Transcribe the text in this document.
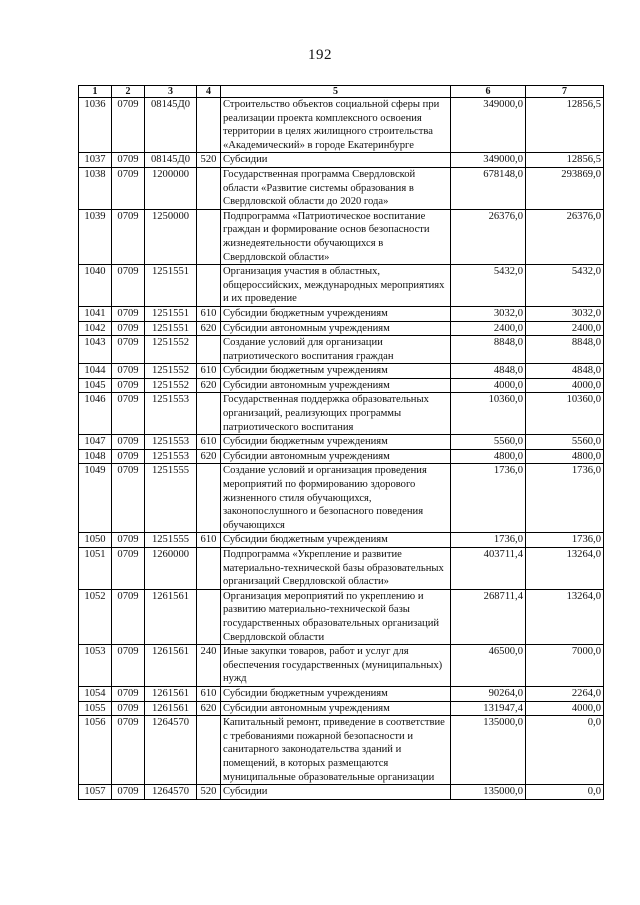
192
1	2	3	4	5	6	7
1036	0709	08145Д0		Строительство объектов социальной сферы при реализации проекта комплексного освоения территории в целях жилищного строительства «Академический» в городе Екатеринбурге	349000,0	12856,5
1037	0709	08145Д0	520	Субсидии	349000,0	12856,5
1038	0709	1200000		Государственная программа Свердловской области «Развитие системы образования в Свердловской области до 2020 года»	678148,0	293869,0
1039	0709	1250000		Подпрограмма «Патриотическое воспитание граждан и формирование основ безопасности жизнедеятельности обучающихся в Свердловской области»	26376,0	26376,0
1040	0709	1251551		Организация участия в областных, общероссийских, международных мероприятиях и их проведение	5432,0	5432,0
1041	0709	1251551	610	Субсидии бюджетным учреждениям	3032,0	3032,0
1042	0709	1251551	620	Субсидии автономным учреждениям	2400,0	2400,0
1043	0709	1251552		Создание условий для организации патриотического воспитания граждан	8848,0	8848,0
1044	0709	1251552	610	Субсидии бюджетным учреждениям	4848,0	4848,0
1045	0709	1251552	620	Субсидии автономным учреждениям	4000,0	4000,0
1046	0709	1251553		Государственная поддержка образовательных организаций, реализующих программы патриотического воспитания	10360,0	10360,0
1047	0709	1251553	610	Субсидии бюджетным учреждениям	5560,0	5560,0
1048	0709	1251553	620	Субсидии автономным учреждениям	4800,0	4800,0
1049	0709	1251555		Создание условий и организация проведения мероприятий по формированию здорового жизненного стиля обучающихся, законопослушного и безопасного поведения обучающихся	1736,0	1736,0
1050	0709	1251555	610	Субсидии бюджетным учреждениям	1736,0	1736,0
1051	0709	1260000		Подпрограмма «Укрепление и развитие материально-технической базы образовательных организаций Свердловской области»	403711,4	13264,0
1052	0709	1261561		Организация мероприятий по укреплению и развитию материально-технической базы государственных образовательных организаций Свердловской области	268711,4	13264,0
1053	0709	1261561	240	Иные закупки товаров, работ и услуг для обеспечения государственных (муниципальных) нужд	46500,0	7000,0
1054	0709	1261561	610	Субсидии бюджетным учреждениям	90264,0	2264,0
1055	0709	1261561	620	Субсидии автономным учреждениям	131947,4	4000,0
1056	0709	1264570		Капитальный ремонт, приведение в соответствие с требованиями пожарной безопасности и санитарного законодательства зданий и помещений, в которых размещаются муниципальные образовательные организации	135000,0	0,0
1057	0709	1264570	520	Субсидии	135000,0	0,0
